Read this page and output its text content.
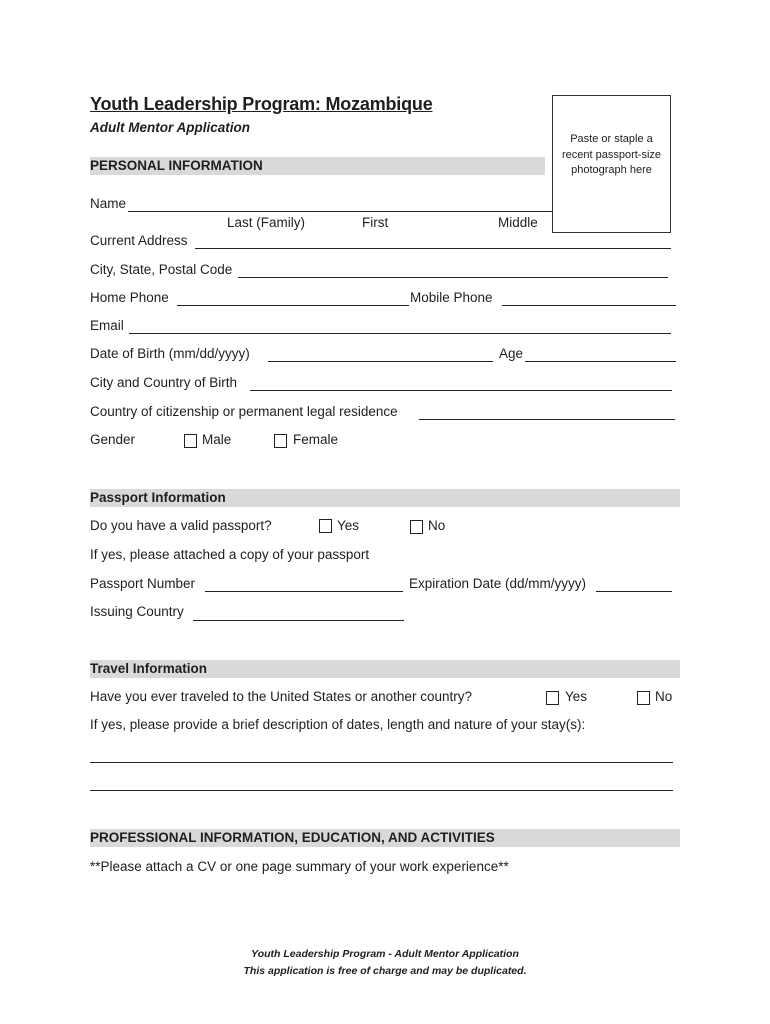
Youth Leadership Program: Mozambique
Adult Mentor Application
Paste or staple a recent passport-size photograph here
PERSONAL INFORMATION
Name
Last (Family)	First	Middle
Current Address
City, State, Postal Code
Home Phone	Mobile Phone
Email
Date of Birth (mm/dd/yyyy)	Age
City and Country of Birth
Country of citizenship or permanent legal residence
Gender	Male	Female
Passport Information
Do you have a valid passport?	Yes	No
If yes, please attached a copy of your passport
Passport Number	Expiration Date (dd/mm/yyyy)
Issuing Country
Travel Information
Have you ever traveled to the United States or another country?	Yes	No
If yes, please provide a brief description of dates, length and nature of your stay(s):
PROFESSIONAL INFORMATION, EDUCATION, AND ACTIVITIES
**Please attach a CV or one page summary of your work experience**
Youth Leadership Program - Adult Mentor Application
This application is free of charge and may be duplicated.
